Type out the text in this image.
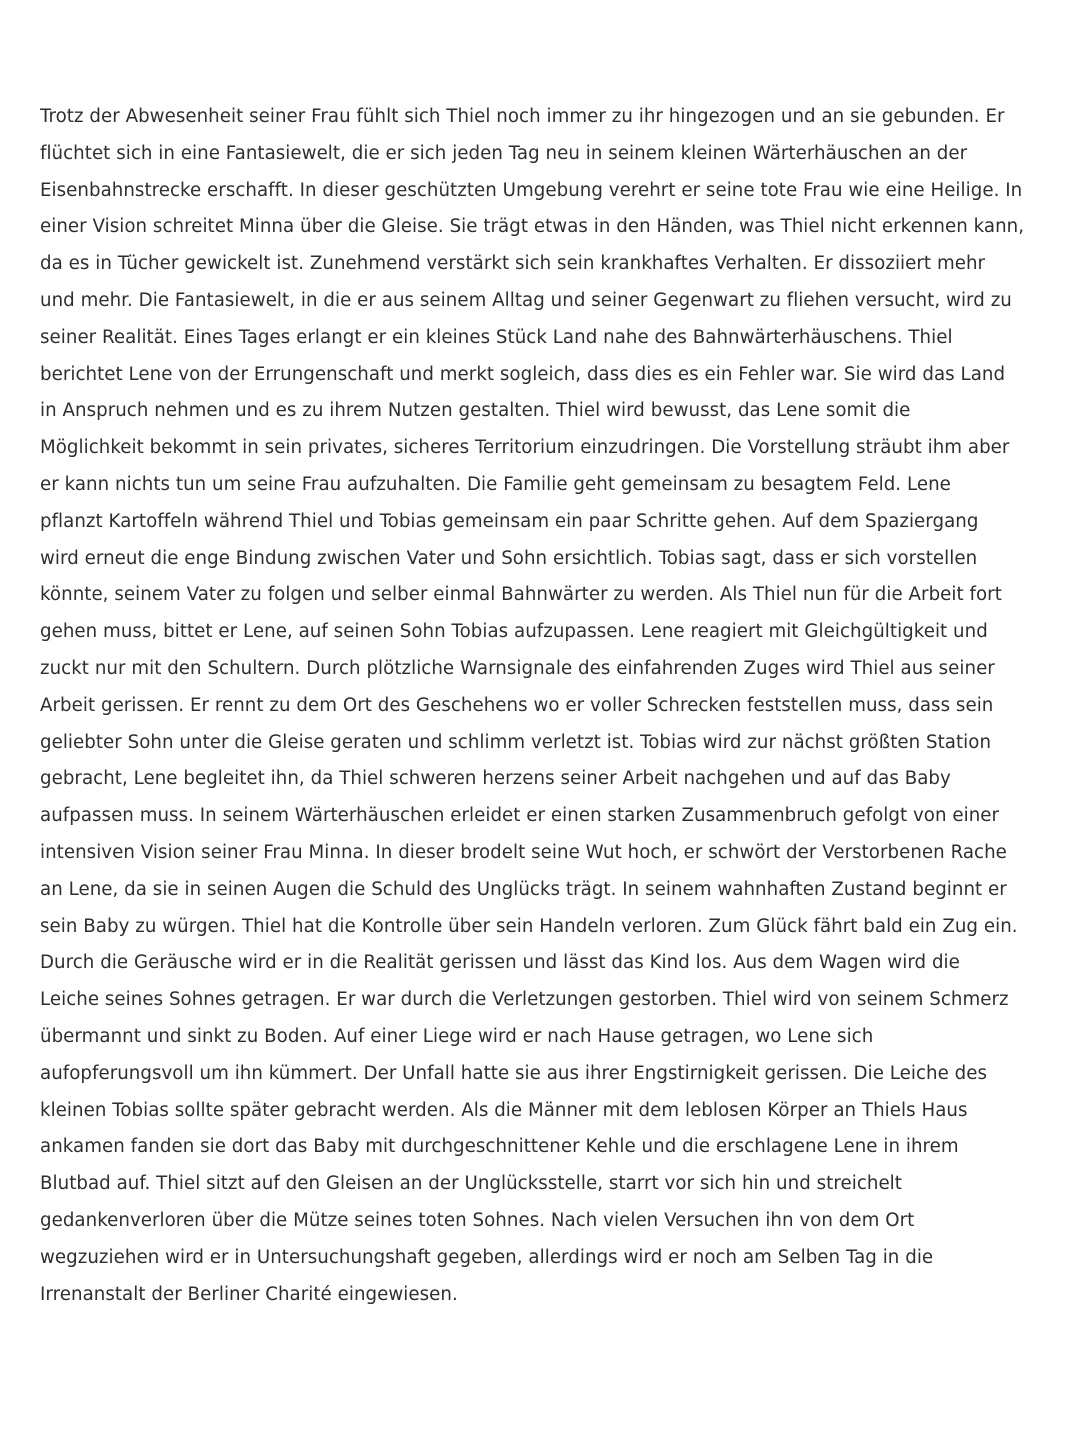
Trotz der Abwesenheit seiner Frau fühlt sich Thiel noch immer zu ihr hingezogen und an sie gebunden. Er
flüchtet sich in eine Fantasiewelt, die er sich jeden Tag neu in seinem kleinen Wärterhäuschen an der
Eisenbahnstrecke erschafft. In dieser geschützten Umgebung verehrt er seine tote Frau wie eine Heilige. In
einer Vision schreitet Minna über die Gleise. Sie trägt etwas in den Händen, was Thiel nicht erkennen kann,
da es in Tücher gewickelt ist. Zunehmend verstärkt sich sein krankhaftes Verhalten. Er dissoziiert mehr
und mehr. Die Fantasiewelt, in die er aus seinem Alltag und seiner Gegenwart zu fliehen versucht, wird zu
seiner Realität. Eines Tages erlangt er ein kleines Stück Land nahe des Bahnwärterhäuschens. Thiel
berichtet Lene von der Errungenschaft und merkt sogleich, dass dies es ein Fehler war. Sie wird das Land
in Anspruch nehmen und es zu ihrem Nutzen gestalten. Thiel wird bewusst, das Lene somit die
Möglichkeit bekommt in sein privates, sicheres Territorium einzudringen. Die Vorstellung sträubt ihm aber
er kann nichts tun um seine Frau aufzuhalten. Die Familie geht gemeinsam zu besagtem Feld. Lene
pflanzt Kartoffeln während Thiel und Tobias gemeinsam ein paar Schritte gehen. Auf dem Spaziergang
wird erneut die enge Bindung zwischen Vater und Sohn ersichtlich. Tobias sagt, dass er sich vorstellen
könnte, seinem Vater zu folgen und selber einmal Bahnwärter zu werden. Als Thiel nun für die Arbeit fort
gehen muss, bittet er Lene, auf seinen Sohn Tobias aufzupassen. Lene reagiert mit Gleichgültigkeit und
zuckt nur mit den Schultern. Durch plötzliche Warnsignale des einfahrenden Zuges wird Thiel aus seiner
Arbeit gerissen. Er rennt zu dem Ort des Geschehens wo er voller Schrecken feststellen muss, dass sein
geliebter Sohn unter die Gleise geraten und schlimm verletzt ist. Tobias wird zur nächst größten Station
gebracht, Lene begleitet ihn, da Thiel schweren herzens seiner Arbeit nachgehen und auf das Baby
aufpassen muss. In seinem Wärterhäuschen erleidet er einen starken Zusammenbruch gefolgt von einer
intensiven Vision seiner Frau Minna. In dieser brodelt seine Wut hoch, er schwört der Verstorbenen Rache
an Lene, da sie in seinen Augen die Schuld des Unglücks trägt. In seinem wahnhaften Zustand beginnt er
sein Baby zu würgen. Thiel hat die Kontrolle über sein Handeln verloren. Zum Glück fährt bald ein Zug ein.
Durch die Geräusche wird er in die Realität gerissen und lässt das Kind los. Aus dem Wagen wird die
Leiche seines Sohnes getragen. Er war durch die Verletzungen gestorben. Thiel wird von seinem Schmerz
übermannt und sinkt zu Boden. Auf einer Liege wird er nach Hause getragen, wo Lene sich
aufopferungsvoll um ihn kümmert. Der Unfall hatte sie aus ihrer Engstirnigkeit gerissen. Die Leiche des
kleinen Tobias sollte später gebracht werden. Als die Männer mit dem leblosen Körper an Thiels Haus
ankamen fanden sie dort das Baby mit durchgeschnittener Kehle und die erschlagene Lene in ihrem
Blutbad auf. Thiel sitzt auf den Gleisen an der Unglücksstelle, starrt vor sich hin und streichelt
gedankenverloren über die Mütze seines toten Sohnes. Nach vielen Versuchen ihn von dem Ort
wegzuziehen wird er in Untersuchungshaft gegeben, allerdings wird er noch am Selben Tag in die
Irrenanstalt der Berliner Charité eingewiesen.
